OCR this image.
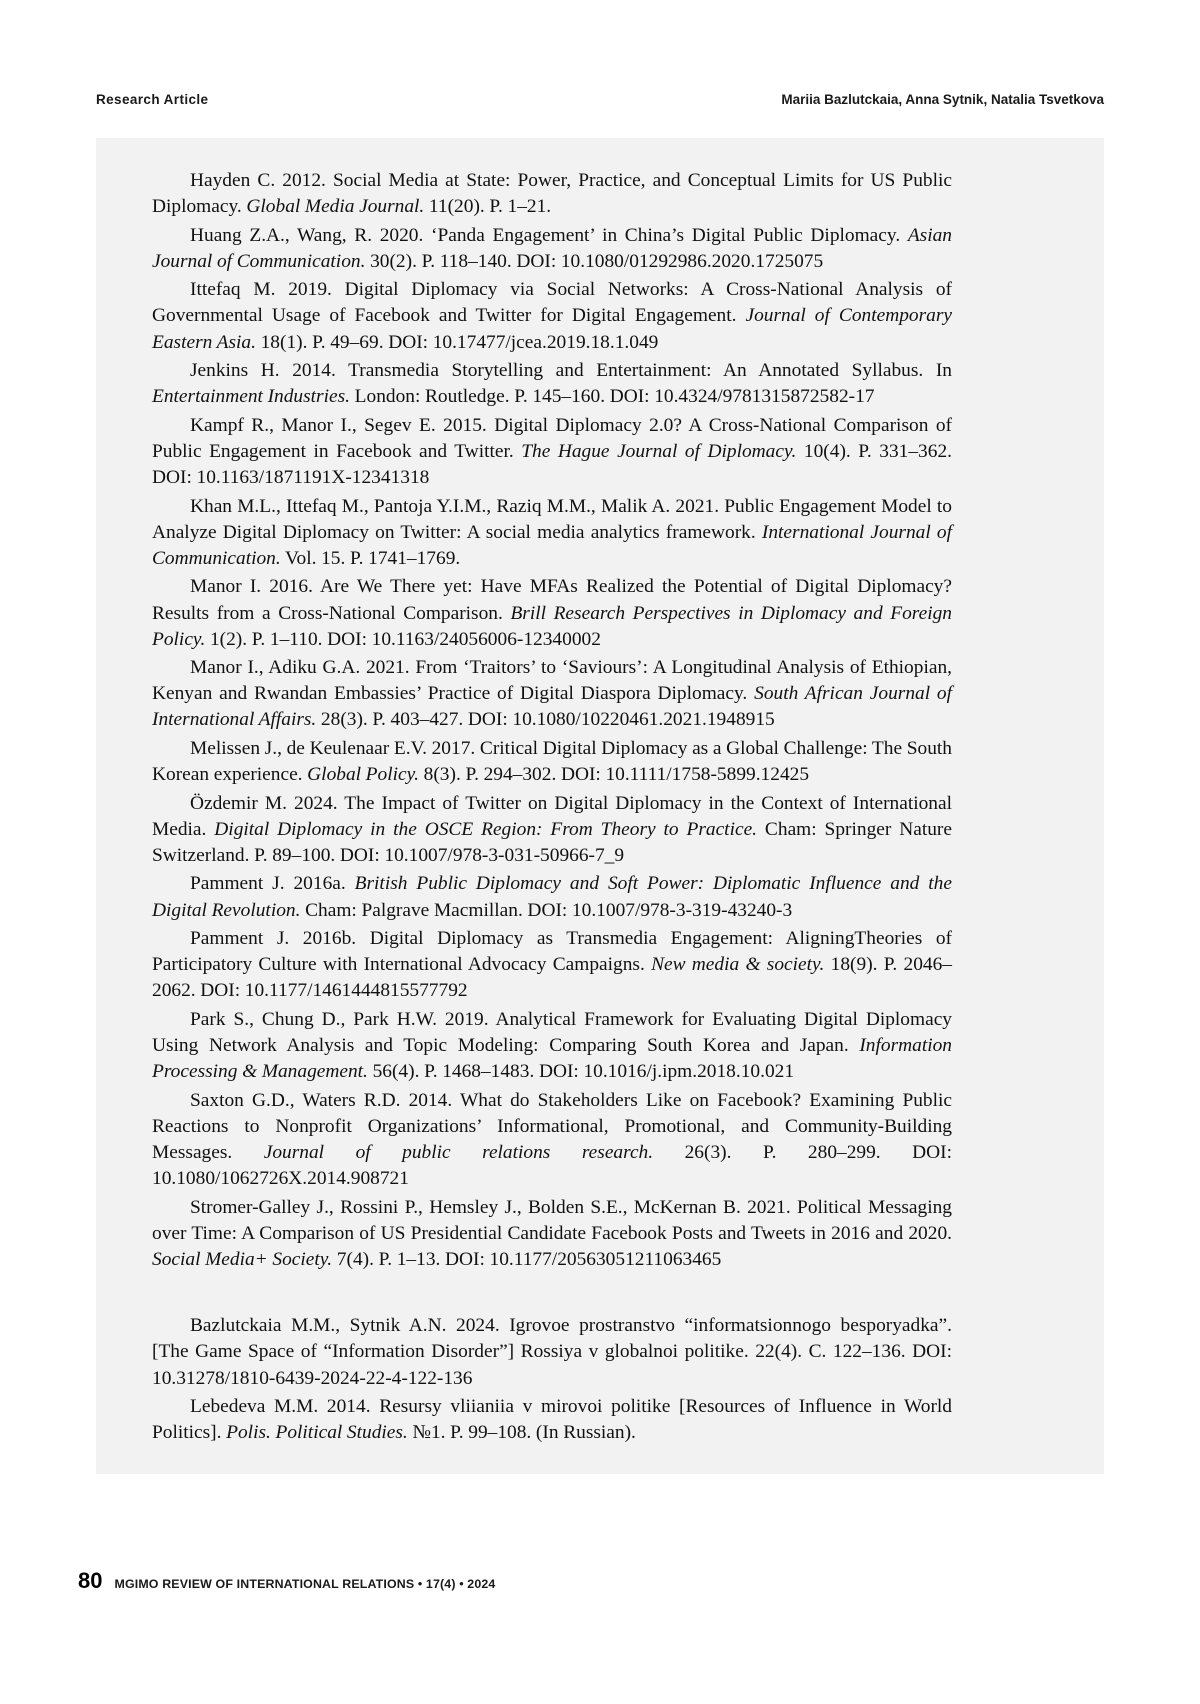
Research Article	Mariia Bazlutckaia, Anna Sytnik, Natalia Tsvetkova

Hayden C. 2012. Social Media at State: Power, Practice, and Conceptual Limits for US Public Diplomacy. Global Media Journal. 11(20). P. 1–21.

Huang Z.A., Wang, R. 2020. ‘Panda Engagement’ in China’s Digital Public Diplomacy. Asian Journal of Communication. 30(2). P. 118–140. DOI: 10.1080/01292986.2020.1725075

Ittefaq M. 2019. Digital Diplomacy via Social Networks: A Cross-National Analysis of Governmental Usage of Facebook and Twitter for Digital Engagement. Journal of Contemporary Eastern Asia. 18(1). P. 49–69. DOI: 10.17477/jcea.2019.18.1.049

Jenkins H. 2014. Transmedia Storytelling and Entertainment: An Annotated Syllabus. In Entertainment Industries. London: Routledge. P. 145–160. DOI: 10.4324/9781315872582-17

Kampf R., Manor I., Segev E. 2015. Digital Diplomacy 2.0? A Cross-National Comparison of Public Engagement in Facebook and Twitter. The Hague Journal of Diplomacy. 10(4). P. 331–362. DOI: 10.1163/1871191X-12341318

Khan M.L., Ittefaq M., Pantoja Y.I.M., Raziq M.M., Malik A. 2021. Public Engagement Model to Analyze Digital Diplomacy on Twitter: A social media analytics framework. International Journal of Communication. Vol. 15. P. 1741–1769.

Manor I. 2016. Are We There yet: Have MFAs Realized the Potential of Digital Diplomacy? Results from a Cross-National Comparison. Brill Research Perspectives in Diplomacy and Foreign Policy. 1(2). P. 1–110. DOI: 10.1163/24056006-12340002

Manor I., Adiku G.A. 2021. From ‘Traitors’ to ‘Saviours’: A Longitudinal Analysis of Ethiopian, Kenyan and Rwandan Embassies’ Practice of Digital Diaspora Diplomacy. South African Journal of International Affairs. 28(3). P. 403–427. DOI: 10.1080/10220461.2021.1948915

Melissen J., de Keulenaar E.V. 2017. Critical Digital Diplomacy as a Global Challenge: The South Korean experience. Global Policy. 8(3). P. 294–302. DOI: 10.1111/1758-5899.12425

Özdemir M. 2024. The Impact of Twitter on Digital Diplomacy in the Context of International Media. Digital Diplomacy in the OSCE Region: From Theory to Practice. Cham: Springer Nature Switzerland. P. 89–100. DOI: 10.1007/978-3-031-50966-7_9

Pamment J. 2016a. British Public Diplomacy and Soft Power: Diplomatic Influence and the Digital Revolution. Cham: Palgrave Macmillan. DOI: 10.1007/978-3-319-43240-3

Pamment J. 2016b. Digital Diplomacy as Transmedia Engagement: AligningTheories of Participatory Culture with International Advocacy Campaigns. New media & society. 18(9). P. 2046–2062. DOI: 10.1177/1461444815577792

Park S., Chung D., Park H.W. 2019. Analytical Framework for Evaluating Digital Diplomacy Using Network Analysis and Topic Modeling: Comparing South Korea and Japan. Information Processing & Management. 56(4). P. 1468–1483. DOI: 10.1016/j.ipm.2018.10.021

Saxton G.D., Waters R.D. 2014. What do Stakeholders Like on Facebook? Examining Public Reactions to Nonprofit Organizations’ Informational, Promotional, and Community-Building Messages. Journal of public relations research. 26(3). P. 280–299. DOI: 10.1080/1062726X.2014.908721

Stromer-Galley J., Rossini P., Hemsley J., Bolden S.E., McKernan B. 2021. Political Messaging over Time: A Comparison of US Presidential Candidate Facebook Posts and Tweets in 2016 and 2020. Social Media+ Society. 7(4). P. 1–13. DOI: 10.1177/20563051211063465

Bazlutckaia M.M., Sytnik A.N. 2024. Igrovoe prostranstvo “informatsionnogo besporyadka”. [The Game Space of “Information Disorder”] Rossiya v globalnoi politike. 22(4). C. 122–136. DOI: 10.31278/1810-6439-2024-22-4-122-136

Lebedeva M.M. 2014. Resursy vliianiia v mirovoi politike [Resources of Influence in World Politics]. Polis. Political Studies. №1. P. 99–108. (In Russian).

80 MGIMO REVIEW OF INTERNATIONAL RELATIONS • 17(4) • 2024
